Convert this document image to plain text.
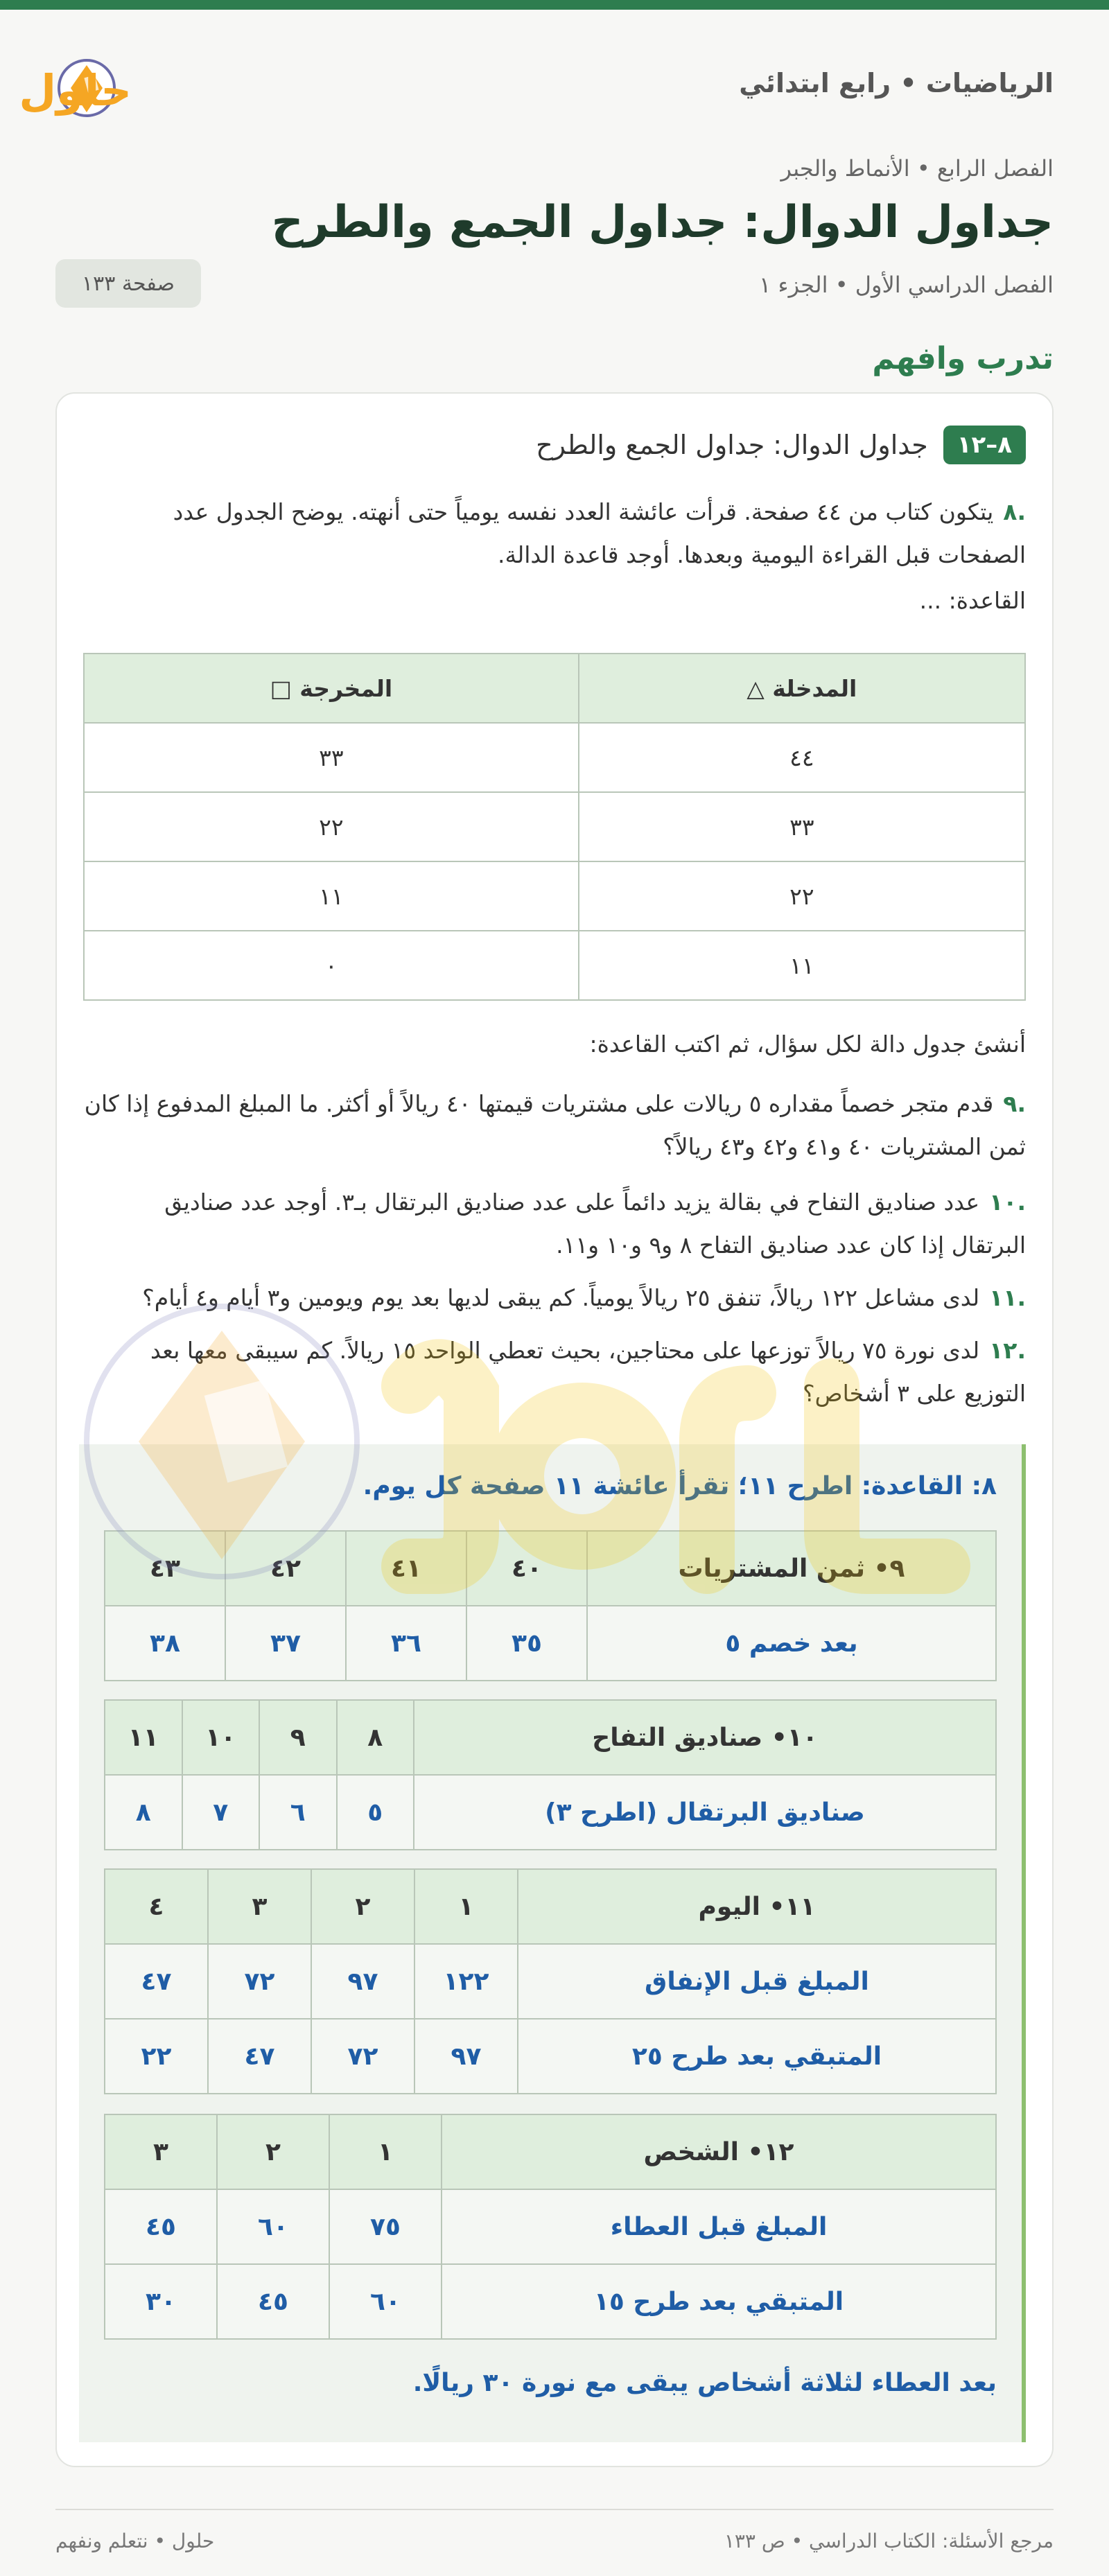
الرياضيات • رابع ابتدائي
حلول
الفصل الرابع • الأنماط والجبر
جداول الدوال: جداول الجمع والطرح
الفصل الدراسي الأول • الجزء ١
صفحة ١٣٣
تدرب وافهم
٨–١٢
جداول الدوال: جداول الجمع والطرح
.٨يتكون كتاب من ٤٤ صفحة. قرأت عائشة العدد نفسه يومياً حتى أنهته. يوضح الجدول عدد الصفحات قبل القراءة اليومية وبعدها. أوجد قاعدة الدالة.
القاعدة: ...
المدخلة △	المخرجة □
٤٤	٣٣
٣٣	٢٢
٢٢	١١
١١	٠
أنشئ جدول دالة لكل سؤال، ثم اكتب القاعدة:
.٩قدم متجر خصماً مقداره ٥ ريالات على مشتريات قيمتها ٤٠ ريالاً أو أكثر. ما المبلغ المدفوع إذا كان ثمن المشتريات ٤٠ و٤١ و٤٢ و٤٣ ريالاً؟
.١٠عدد صناديق التفاح في بقالة يزيد دائماً على عدد صناديق البرتقال بـ٣. أوجد عدد صناديق البرتقال إذا كان عدد صناديق التفاح ٨ و٩ و١٠ و١١.
.١١لدى مشاعل ١٢٢ ريالاً، تنفق ٢٥ ريالاً يومياً. كم يبقى لديها بعد يوم ويومين و٣ أيام و٤ أيام؟
.١٢لدى نورة ٧٥ ريالاً توزعها على محتاجين، بحيث تعطي الواحد ١٥ ريالاً. كم سيبقى معها بعد التوزيع على ٣ أشخاص؟
٨: القاعدة: اطرح ١١؛ تقرأ عائشة ١١ صفحة كل يوم.
٩• ثمن المشتريات	٤٠	٤١	٤٢	٤٣
بعد خصم ٥	٣٥	٣٦	٣٧	٣٨
١٠• صناديق التفاح	٨	٩	١٠	١١
صناديق البرتقال (اطرح ٣)	٥	٦	٧	٨
١١• اليوم	١	٢	٣	٤
المبلغ قبل الإنفاق	١٢٢	٩٧	٧٢	٤٧
المتبقي بعد طرح ٢٥	٩٧	٧٢	٤٧	٢٢
١٢• الشخص	١	٢	٣
المبلغ قبل العطاء	٧٥	٦٠	٤٥
المتبقي بعد طرح ١٥	٦٠	٤٥	٣٠
بعد العطاء لثلاثة أشخاص يبقى مع نورة ٣٠ ريالًا.
مرجع الأسئلة: الكتاب الدراسي • ص ١٣٣
حلول • نتعلم ونفهم
